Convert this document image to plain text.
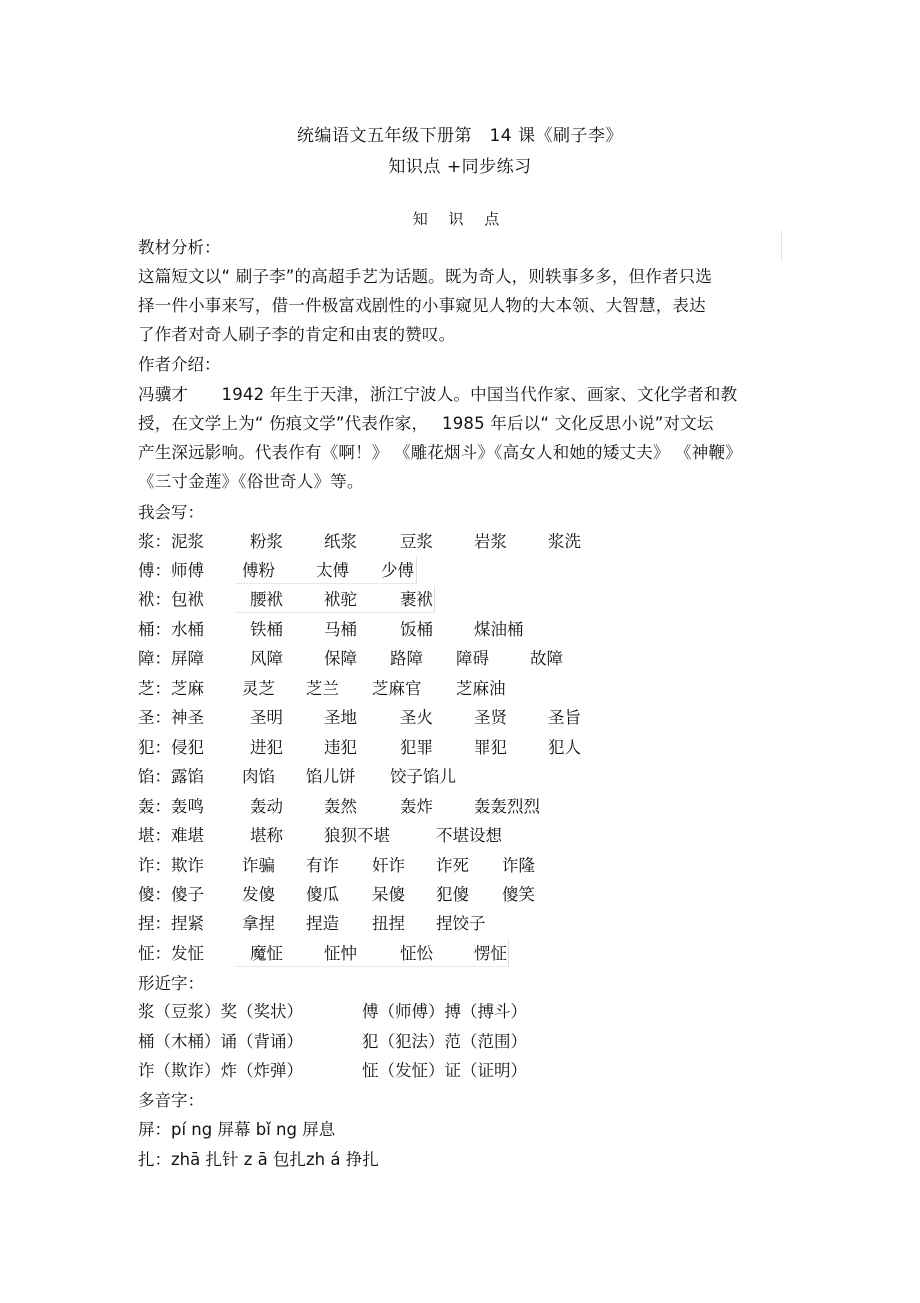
统编语文五年级下册第　14 课《刷子李》
知识点 +同步练习
知 识 点
教材分析：
这篇短文以“ 刷子李”的高超手艺为话题。既为奇人，则轶事多多，但作者只选
择一件小事来写，借一件极富戏剧性的小事窥见人物的大本领、大智慧，表达
了作者对奇人刷子李的肯定和由衷的赞叹。
作者介绍：
冯骥才　　1942 年生于天津，浙江宁波人。中国当代作家、画家、文化学者和教
授，在文学上为“ 伤痕文学”代表作家，　 1985 年后以“ 文化反思小说”对文坛
产生深远影响。代表作有《啊！》 《雕花烟斗》《高女人和她的矮丈夫》 《神鞭》
《三寸金莲》《俗世奇人》等。
我会写：
浆：泥浆	粉浆 纸浆	豆浆 岩浆 浆洗
傅：师傅 傅粉 太傅 少傅
袱：包袱	腰袱 袱驼	裹袱
桶：水桶	铁桶 马桶	饭桶 煤油桶
障：屏障	风障 保障 路障 障碍 故障
芝：芝麻 灵芝 芝兰 芝麻官 芝麻油
圣：神圣	圣明 圣地	圣火 圣贤 圣旨
犯：侵犯	进犯 违犯	犯罪 罪犯 犯人
馅：露馅 肉馅 馅儿饼 饺子馅儿
轰：轰鸣	轰动 轰然	轰炸 轰轰烈烈
堪：难堪	堪称 狼狈不堪	不堪设想
诈：欺诈 诈骗 有诈 奸诈 诈死 诈隆
傻：傻子 发傻 傻瓜 呆傻 犯傻 傻笑
捏：捏紧 拿捏 捏造 扭捏 捏饺子
怔：发怔	魔怔 怔忡	怔忪 愣怔
形近字：
浆（豆浆）奖（奖状）	傅（师傅）搏（搏斗）
桶（木桶）诵（背诵）	犯（犯法）范（范围）
诈（欺诈）炸（炸弹）	怔（发怔）证（证明）
多音字：
屏：pí ng 屏幕 bǐ ng 屏息
扎：zhā 扎针 z ā 包扎zh á 挣扎
